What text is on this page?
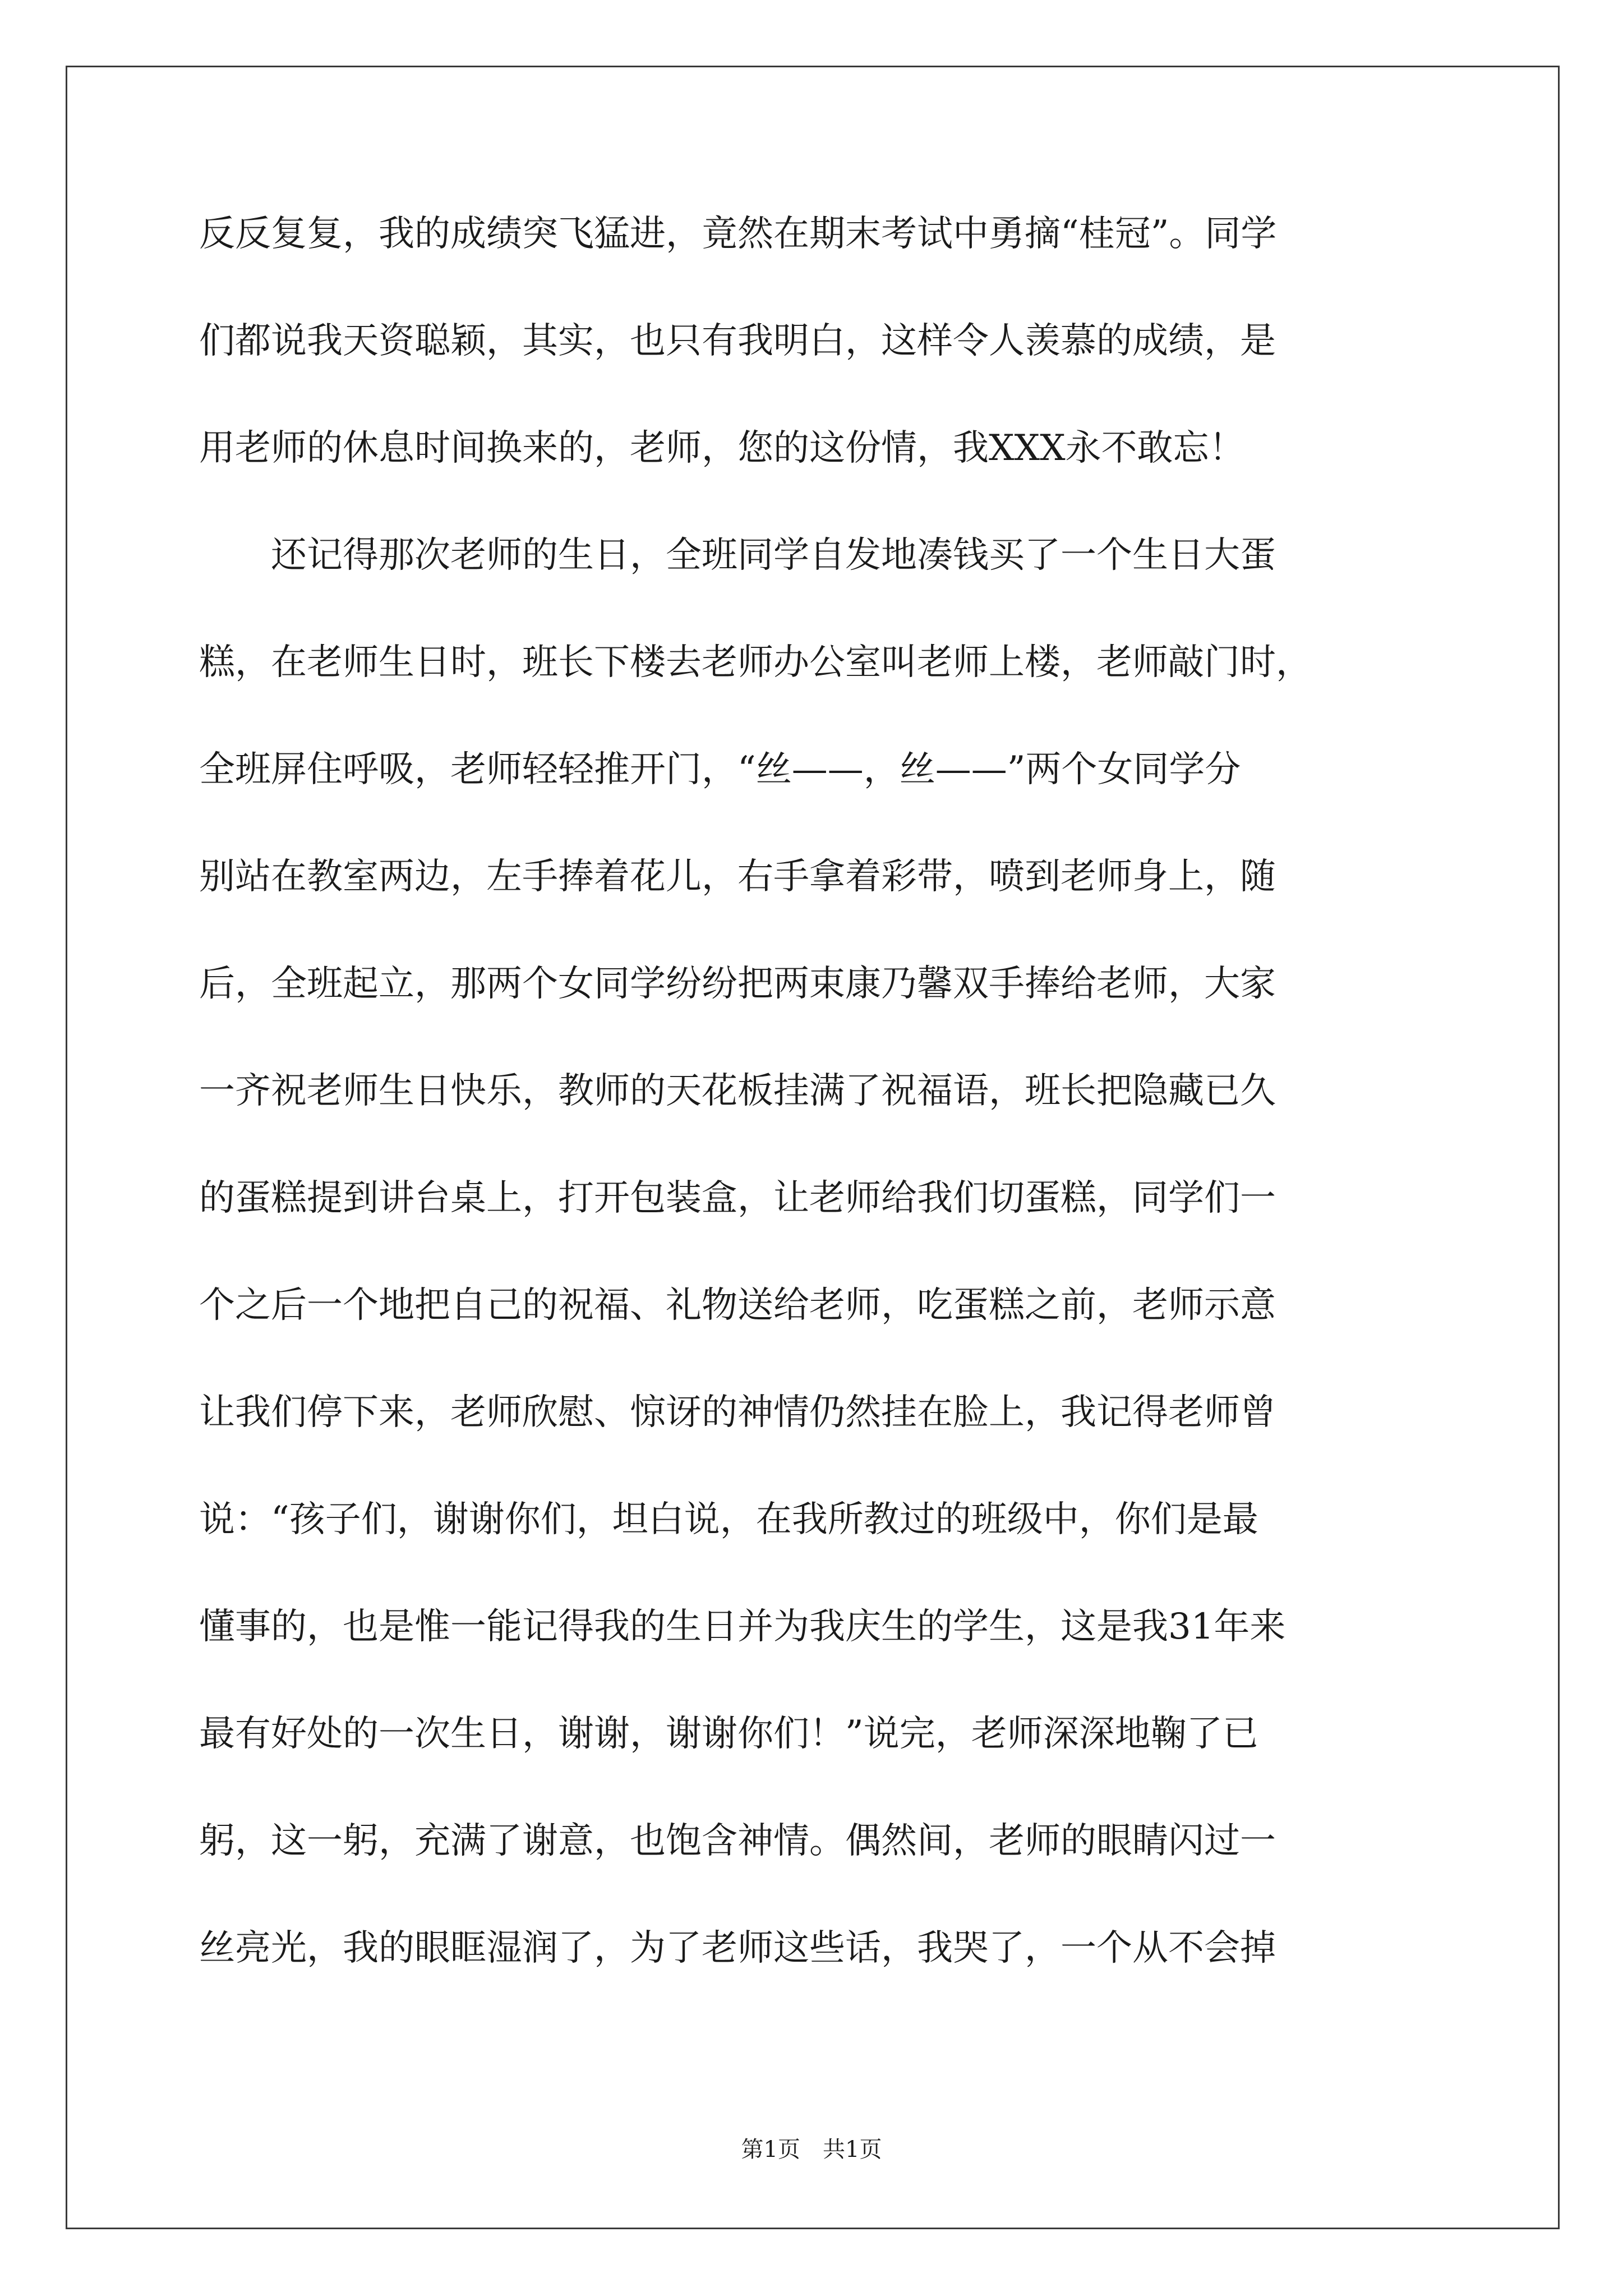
反反复复，我的成绩突飞猛进，竟然在期末考试中勇摘“桂冠”。同学
们都说我天资聪颖，其实，也只有我明白，这样令人羡慕的成绩，是
用老师的休息时间换来的，老师，您的这份情，我XXX永不敢忘！
　　还记得那次老师的生日，全班同学自发地凑钱买了一个生日大蛋
糕，在老师生日时，班长下楼去老师办公室叫老师上楼，老师敲门时，
全班屏住呼吸，老师轻轻推开门，“丝——，丝——”两个女同学分
别站在教室两边，左手捧着花儿，右手拿着彩带，喷到老师身上，随
后，全班起立，那两个女同学纷纷把两束康乃馨双手捧给老师，大家
一齐祝老师生日快乐，教师的天花板挂满了祝福语，班长把隐藏已久
的蛋糕提到讲台桌上，打开包装盒，让老师给我们切蛋糕，同学们一
个之后一个地把自己的祝福、礼物送给老师，吃蛋糕之前，老师示意
让我们停下来，老师欣慰、惊讶的神情仍然挂在脸上，我记得老师曾
说：“孩子们，谢谢你们，坦白说，在我所教过的班级中，你们是最
懂事的，也是惟一能记得我的生日并为我庆生的学生，这是我31年来
最有好处的一次生日，谢谢，谢谢你们！”说完，老师深深地鞠了已
躬，这一躬，充满了谢意，也饱含神情。偶然间，老师的眼睛闪过一
丝亮光，我的眼眶湿润了，为了老师这些话，我哭了，一个从不会掉
第1页 共1页
